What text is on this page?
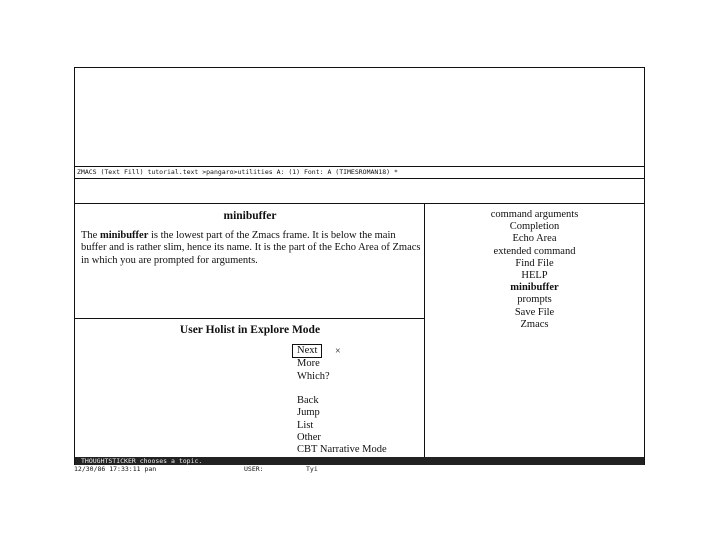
ZMACS (Text Fill) tutorial.text >pangaro>utilities A: (1) Font: A (TIMESROMAN18) *
minibuffer
The minibuffer is the lowest part of the Zmacs frame. It is below the main buffer and is rather slim, hence its name. It is the part of the Echo Area of Zmacs in which you are prompted for arguments.
User Holist in Explore Mode
×
Next
More
Which?

Back
Jump
List
Other
CBT Narrative Mode
command arguments
Completion
Echo Area
extended command
Find File
HELP
minibuffer
prompts
Save File
Zmacs
THOUGHTSTICKER chooses a topic.
12/30/86 17:33:11 pan	USER:	Tyi
